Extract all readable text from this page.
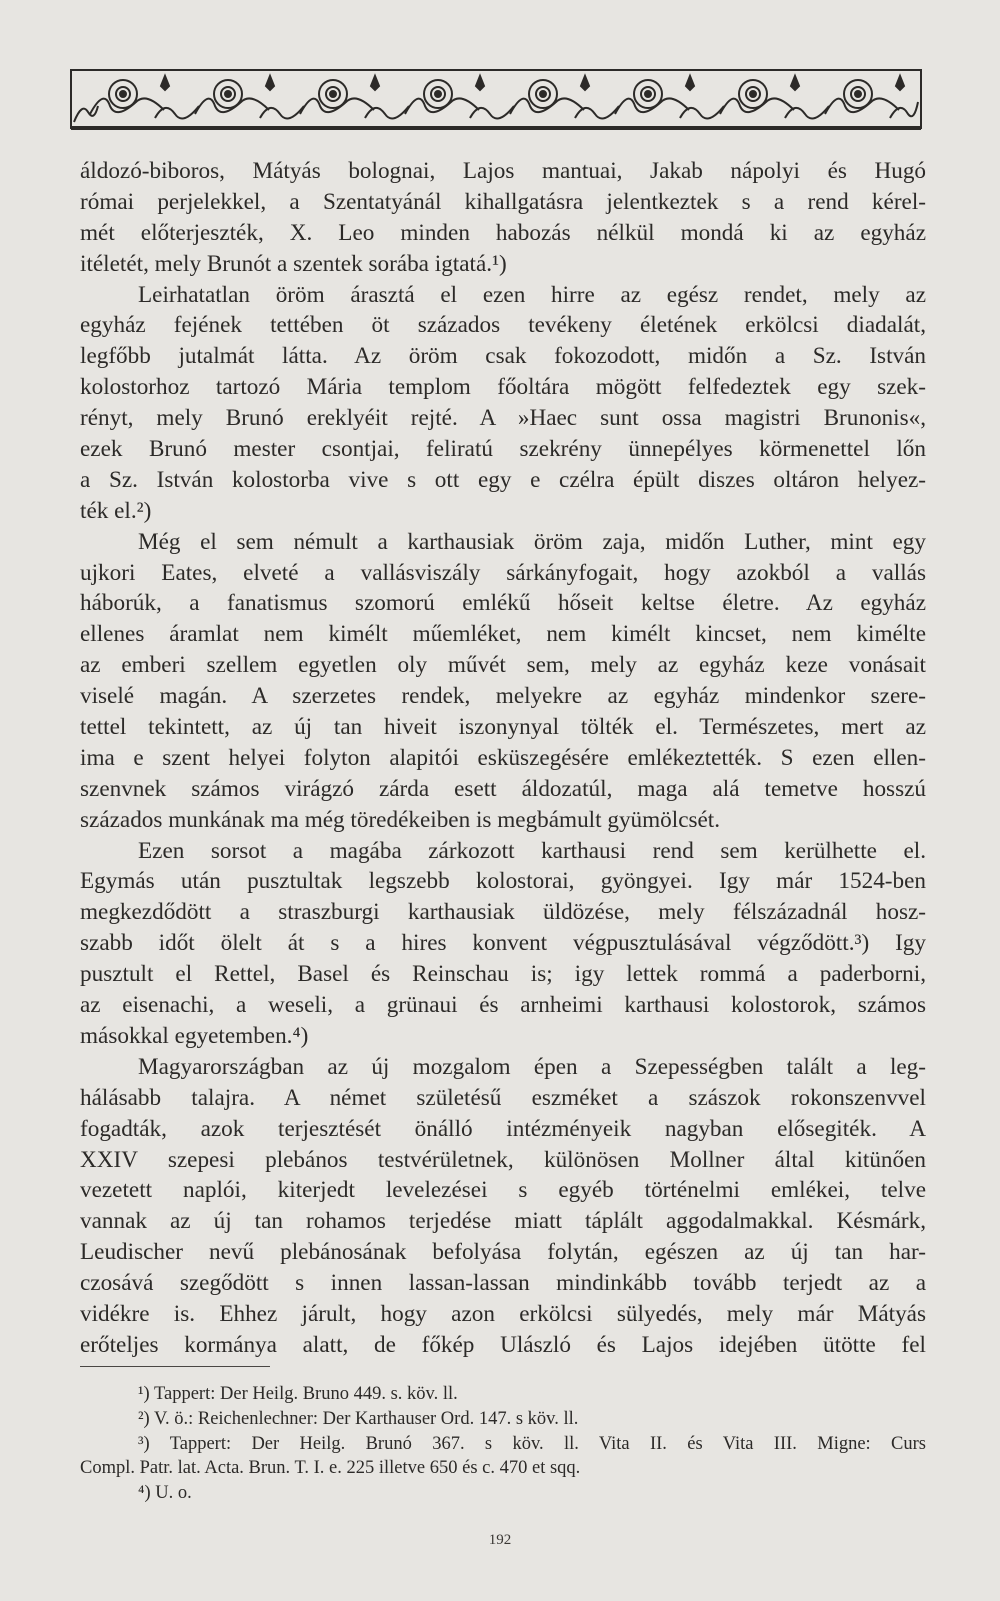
áldozó-biboros, Mátyás bolognai, Lajos mantuai, Jakab nápolyi és Hugó
római perjelekkel, a Szentatyánál kihallgatásra jelentkeztek s a rend kérel-
mét előterjeszték, X. Leo minden habozás nélkül mondá ki az egyház
itéletét, mely Brunót a szentek sorába igtatá.¹)
Leirhatatlan öröm árasztá el ezen hirre az egész rendet, mely az
egyház fejének tettében öt százados tevékeny életének erkölcsi diadalát,
legfőbb jutalmát látta. Az öröm csak fokozodott, midőn a Sz. István
kolostorhoz tartozó Mária templom főoltára mögött felfedeztek egy szek-
rényt, mely Brunó ereklyéit rejté. A »Haec sunt ossa magistri Brunonis«,
ezek Brunó mester csontjai, feliratú szekrény ünnepélyes körmenettel lőn
a Sz. István kolostorba vive s ott egy e czélra épült diszes oltáron helyez-
ték el.²)
Még el sem némult a karthausiak öröm zaja, midőn Luther, mint egy
ujkori Eates, elveté a vallásviszály sárkányfogait, hogy azokból a vallás
háborúk, a fanatismus szomorú emlékű hőseit keltse életre. Az egyház
ellenes áramlat nem kimélt műemléket, nem kimélt kincset, nem kimélte
az emberi szellem egyetlen oly művét sem, mely az egyház keze vonásait
viselé magán. A szerzetes rendek, melyekre az egyház mindenkor szere-
tettel tekintett, az új tan hiveit iszonynyal tölték el. Természetes, mert az
ima e szent helyei folyton alapitói esküszegésére emlékeztették. S ezen ellen-
szenvnek számos virágzó zárda esett áldozatúl, maga alá temetve hosszú
százados munkának ma még töredékeiben is megbámult gyümölcsét.
Ezen sorsot a magába zárkozott karthausi rend sem kerülhette el.
Egymás után pusztultak legszebb kolostorai, gyöngyei. Igy már 1524-ben
megkezdődött a straszburgi karthausiak üldözése, mely félszázadnál hosz-
szabb időt ölelt át s a hires konvent végpusztulásával végződött.³) Igy
pusztult el Rettel, Basel és Reinschau is; igy lettek rommá a paderborni,
az eisenachi, a weseli, a grünaui és arnheimi karthausi kolostorok, számos
másokkal egyetemben.⁴)
Magyarországban az új mozgalom épen a Szepességben talált a leg-
hálásabb talajra. A német születésű eszméket a szászok rokonszenvvel
fogadták, azok terjesztését önálló intézményeik nagyban elősegiték. A
XXIV szepesi plebános testvérületnek, különösen Mollner által kitünően
vezetett naplói, kiterjedt levelezései s egyéb történelmi emlékei, telve
vannak az új tan rohamos terjedése miatt táplált aggodalmakkal. Késmárk,
Leudischer nevű plebánosának befolyása folytán, egészen az új tan har-
czosává szegődött s innen lassan-lassan mindinkább tovább terjedt az a
vidékre is. Ehhez járult, hogy azon erkölcsi sülyedés, mely már Mátyás
erőteljes kormánya alatt, de főkép Ulászló és Lajos idejében ütötte fel
¹) Tappert: Der Heilg. Bruno 449. s. köv. ll.
²) V. ö.: Reichenlechner: Der Karthauser Ord. 147. s köv. ll.
³) Tappert: Der Heilg. Brunó 367. s köv. ll. Vita II. és Vita III. Migne: Curs
Compl. Patr. lat. Acta. Brun. T. I. e. 225 illetve 650 és c. 470 et sqq.
⁴) U. o.
192
